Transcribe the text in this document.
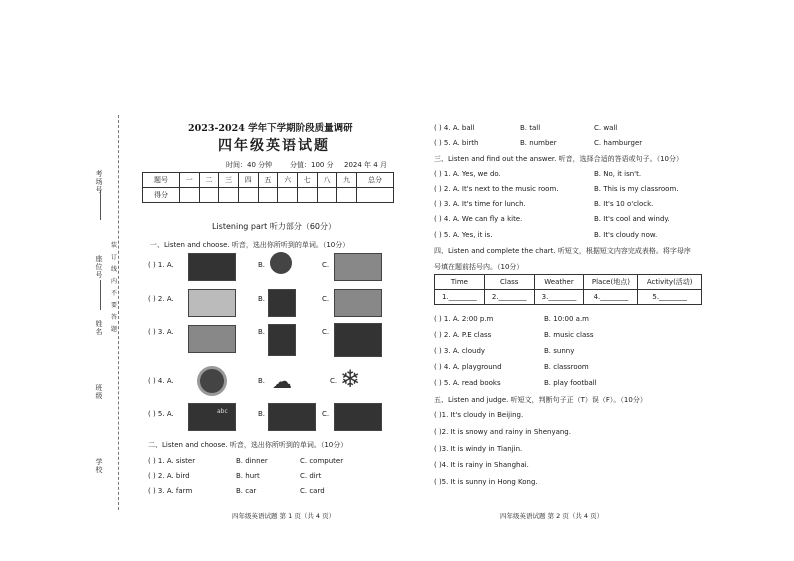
考场号
座位号
姓名
班级
学校
装
订
线
内
不
要
答
题
2023-2024 学年下学期阶段质量调研
四年级英语试题
时间：40 分钟	分值：100 分 2024 年 4 月
题号	一	二	三	四	五	六	七	八	九	总分
得分										
Listening part 听力部分（60分）
一、Listen and choose. 听音，选出你所听到的单词。（10分）
( ) 1. A.	B.	C.
( ) 2. A.	B.	C.
( ) 3. A.	B.	C.
( ) 4. A.	B. ☁	C. ❄
( ) 5. A.	abc	B.	C.
二、Listen and choose. 听音，选出你所听到的单词。（10分）
( ) 1. A. sister	B. dinner	C. computer
( ) 2. A. bird	B. hurt	C. dirt
( ) 3. A. farm	B. car	C. card
四年级英语试题 第 1 页（共 4 页）
( ) 4. A. ball	B. tall	C. wall
( ) 5. A. birth	B. number	C. hamburger
三、Listen and find out the answer. 听音，选择合适的答语或句子。（10分）
( ) 1. A. Yes, we do.	B. No, it isn't.
( ) 2. A. It's next to the music room.	B. This is my classroom.
( ) 3. A. It's time for lunch.	B. It's 10 o'clock.
( ) 4. A. We can fly a kite.	B. It's cool and windy.
( ) 5. A. Yes, it is.	B. It's cloudy now.
四、Listen and complete the chart. 听短文，根据短文内容完成表格。将字母序
号填在题前括号内。（10分）
Time	Class	Weather	Place(地点)	Activity(活动)
1.________	2.________	3.________	4.________	5.________
( ) 1. A. 2:00 p.m	B. 10:00 a.m
( ) 2. A. P.E class	B. music class
( ) 3. A. cloudy	B. sunny
( ) 4. A. playground	B. classroom
( ) 5. A. read books	B. play football
五、Listen and judge. 听短文，判断句子正（T）误（F）。（10分）
( )1. It's cloudy in Beijing.
( )2. It is snowy and rainy in Shenyang.
( )3. It is windy in Tianjin.
( )4. It is rainy in Shanghai.
( )5. It is sunny in Hong Kong.
四年级英语试题 第 2 页（共 4 页）
